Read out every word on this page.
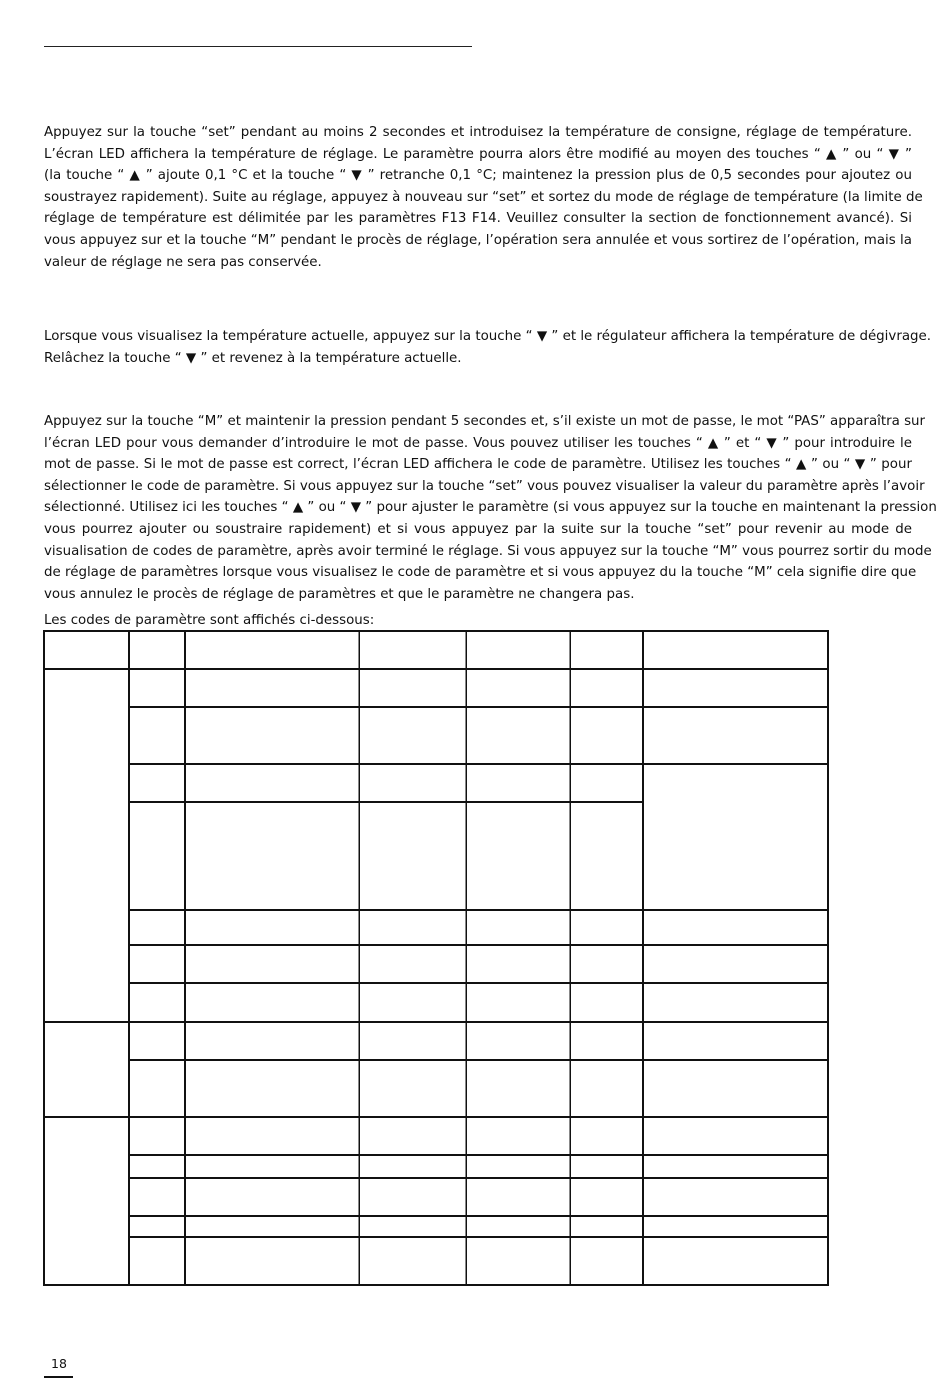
Appuyez sur la touche “set” pendant au moins 2 secondes et introduisez la température de consigne, réglage de température.
L’écran LED affichera la température de réglage. Le paramètre pourra alors être modifié au moyen des touches “ ▲ ” ou “ ▼ ”
(la touche “ ▲ ” ajoute 0,1 °C et la touche “ ▼ ” retranche 0,1 °C; maintenez la pression plus de 0,5 secondes pour ajoutez ou
soustrayez rapidement). Suite au réglage, appuyez à nouveau sur “set” et sortez du mode de réglage de température (la limite de
réglage de température est délimitée par les paramètres F13 F14. Veuillez consulter la section de fonctionnement avancé). Si
vous appuyez sur et la touche “M” pendant le procès de réglage, l’opération sera annulée et vous sortirez de l’opération, mais la
valeur de réglage ne sera pas conservée.
Lorsque vous visualisez la température actuelle, appuyez sur la touche “ ▼ ” et le régulateur affichera la température de dégivrage.
Relâchez la touche “ ▼ ” et revenez à la température actuelle.
Appuyez sur la touche “M” et maintenir la pression pendant 5 secondes et, s’il existe un mot de passe, le mot “PAS” apparaîtra sur
l’écran LED pour vous demander d’introduire le mot de passe. Vous pouvez utiliser les touches “ ▲ ” et “ ▼ ” pour introduire le
mot de passe. Si le mot de passe est correct, l’écran LED affichera le code de paramètre. Utilisez les touches “ ▲ ” ou “ ▼ ” pour
sélectionner le code de paramètre. Si vous appuyez sur la touche “set” vous pouvez visualiser la valeur du paramètre après l’avoir
sélectionné. Utilisez ici les touches “ ▲ ” ou “ ▼ ” pour ajuster le paramètre (si vous appuyez sur la touche en maintenant la pression
vous pourrez ajouter ou soustraire rapidement) et si vous appuyez par la suite sur la touche “set” pour revenir au mode de
visualisation de codes de paramètre, après avoir terminé le réglage. Si vous appuyez sur la touche “M” vous pourrez sortir du mode
de réglage de paramètres lorsque vous visualisez le code de paramètre et si vous appuyez du la touche “M” cela signifie dire que
vous annulez le procès de réglage de paramètres et que le paramètre ne changera pas.

Les codes de paramètre sont affichés ci-dessous:

18
